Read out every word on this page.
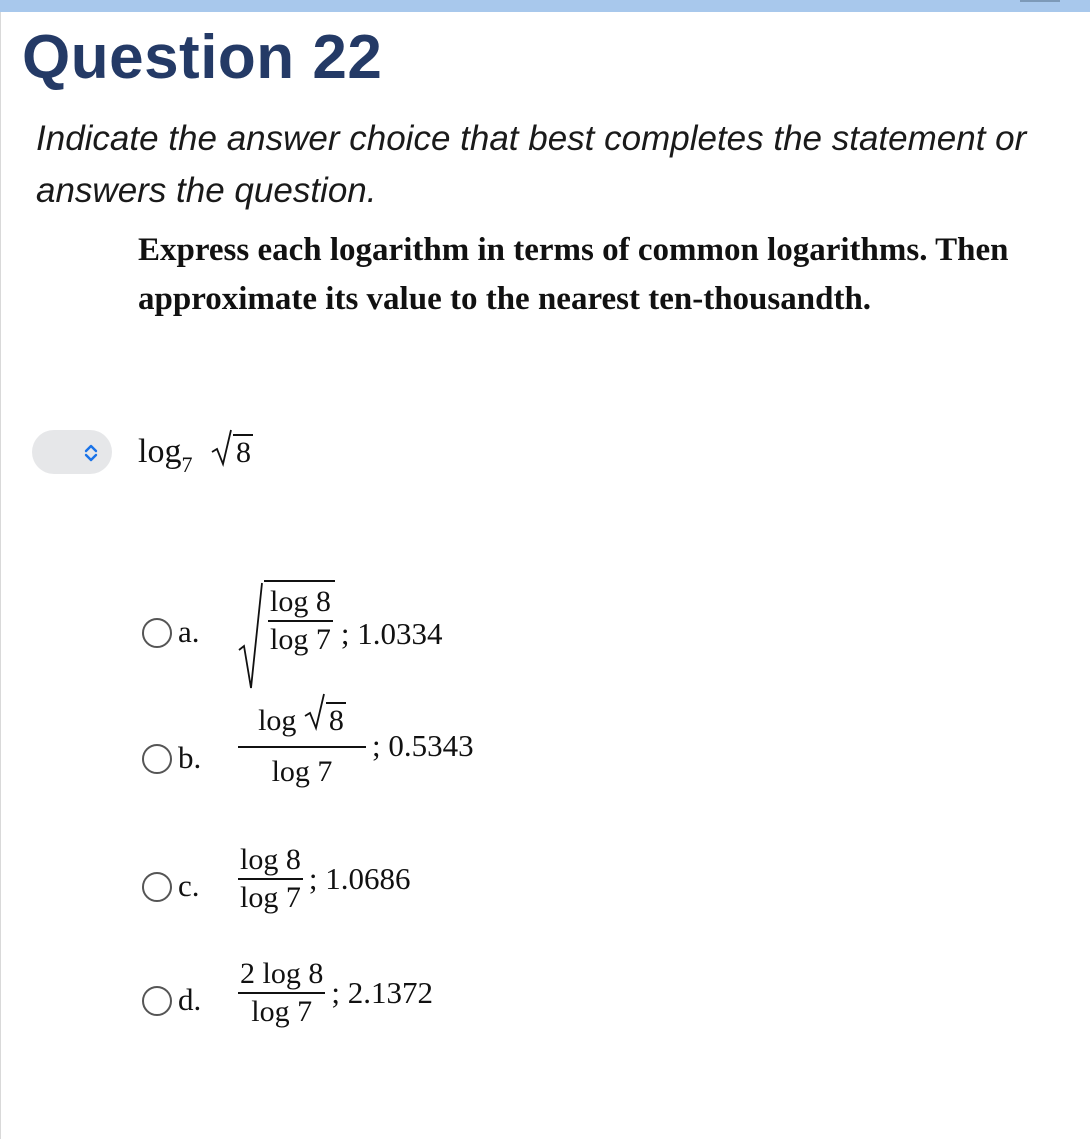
Question 22
Indicate the answer choice that best completes the statement or answers the question.
Express each logarithm in terms of common logarithms. Then approximate its value to the nearest ten-thousandth.
$\log_7 8$
a. $\frac{\log 8}{\log 7}$ ; 1.0334
b. $\frac{\log 8}{\log 7}$ ; 0.5343
c. $\frac{\log 8}{\log 7}$ ; 1.0686
d. $\frac{2 \log 8}{\log 7}$ ; 2.1372
